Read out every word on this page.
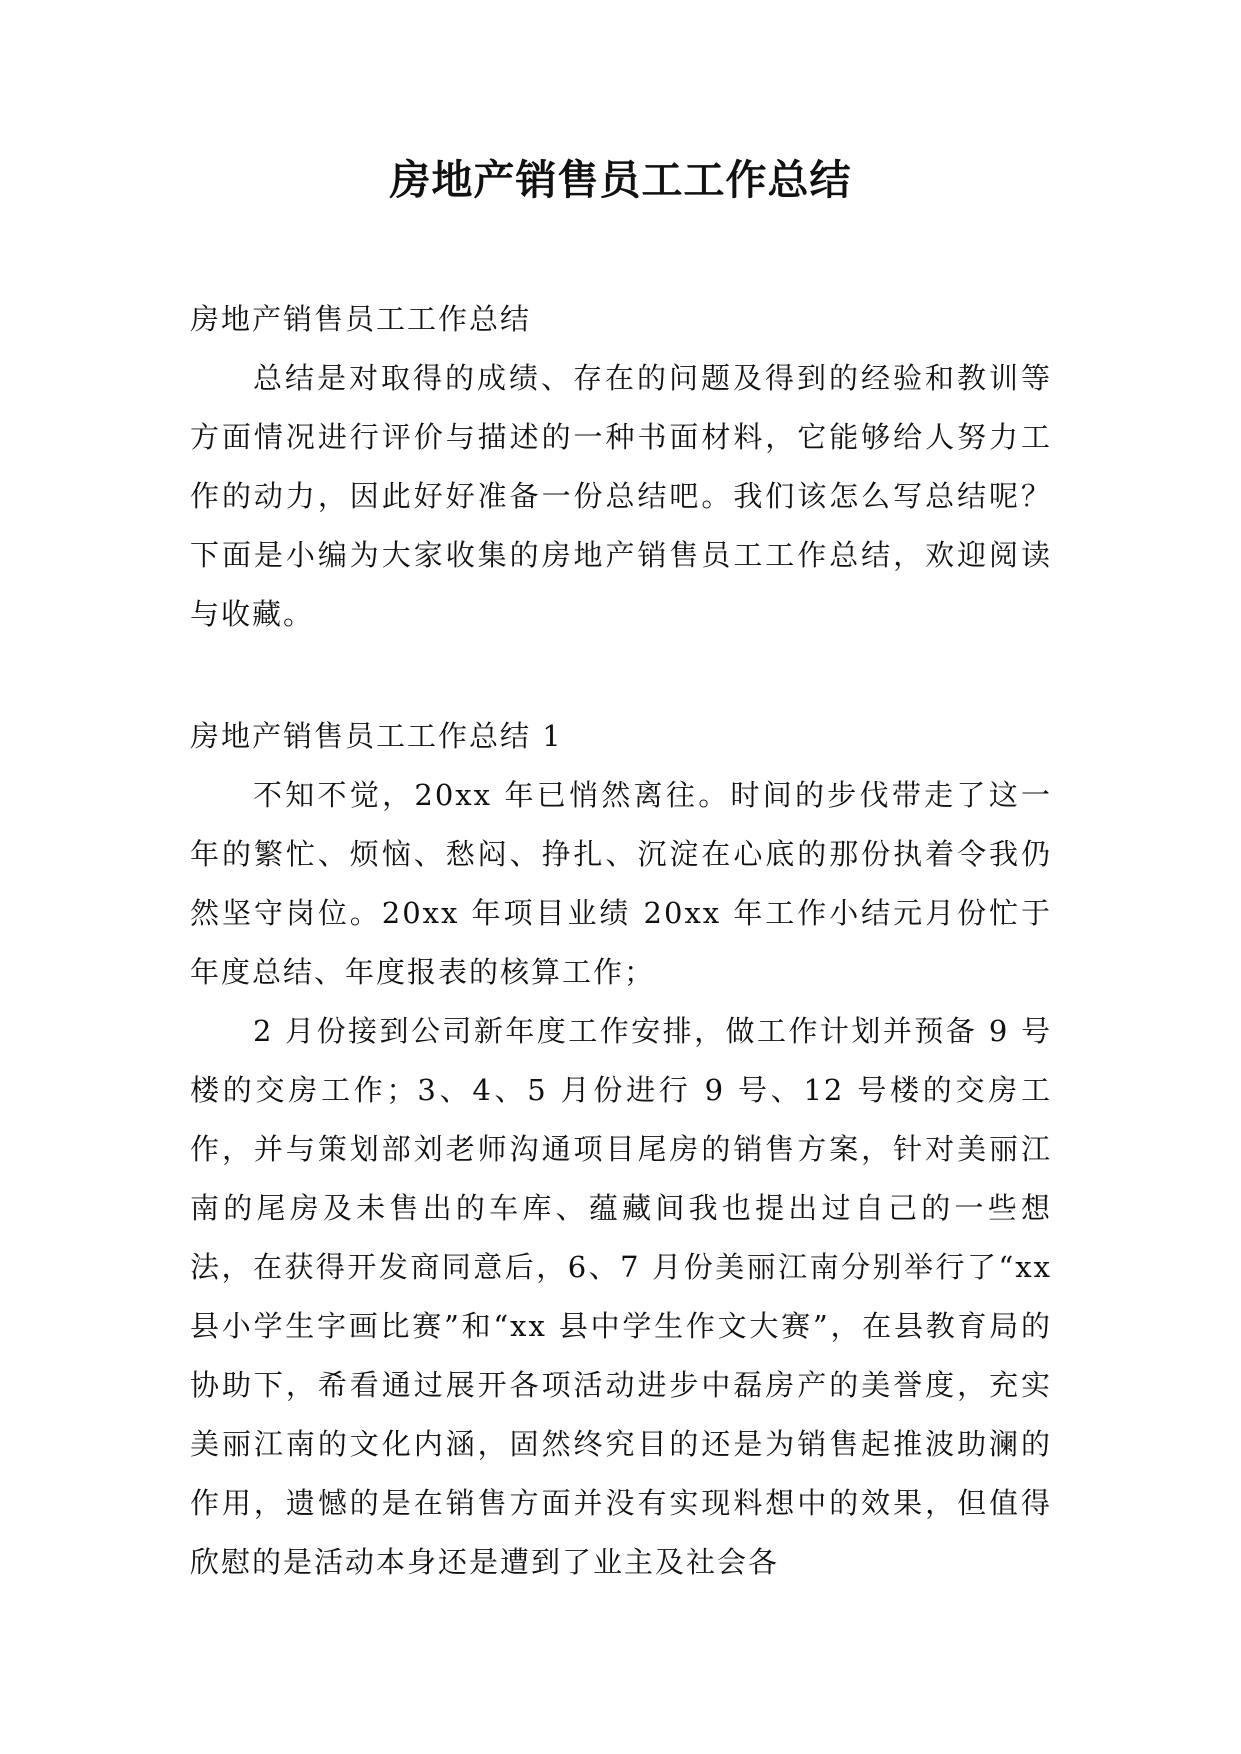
房地产销售员工工作总结

房地产销售员工工作总结

总结是对取得的成绩、存在的问题及得到的经验和教训等方面情况进行评价与描述的一种书面材料，它能够给人努力工作的动力，因此好好准备一份总结吧。我们该怎么写总结呢？下面是小编为大家收集的房地产销售员工工作总结，欢迎阅读与收藏。

房地产销售员工工作总结 1

不知不觉，20xx 年已悄然离往。时间的步伐带走了这一年的繁忙、烦恼、愁闷、挣扎、沉淀在心底的那份执着令我仍然坚守岗位。20xx 年项目业绩 20xx 年工作小结元月份忙于年度总结、年度报表的核算工作；

2 月份接到公司新年度工作安排，做工作计划并预备 9 号楼的交房工作；3、4、5 月份进行 9 号、12 号楼的交房工作，并与策划部刘老师沟通项目尾房的销售方案，针对美丽江南的尾房及未售出的车库、蕴藏间我也提出过自己的一些想法，在获得开发商同意后，6、7 月份美丽江南分别举行了“xx 县小学生字画比赛”和“xx 县中学生作文大赛”，在县教育局的协助下，希看通过展开各项活动进步中磊房产的美誉度，充实美丽江南的文化内涵，固然终究目的还是为销售起推波助澜的作用，遗憾的是在销售方面并没有实现料想中的效果，但值得欣慰的是活动本身还是遭到了业主及社会各
